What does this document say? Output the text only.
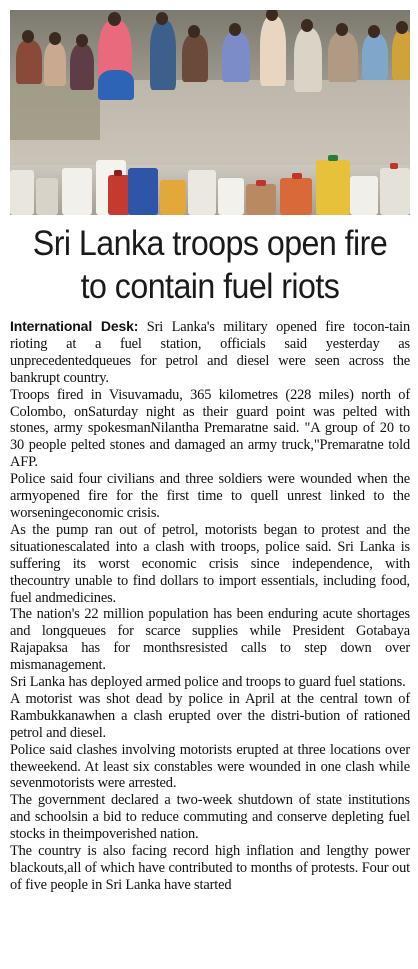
Sri Lanka troops open fire to contain fuel riots

International Desk: Sri Lanka's military opened fire tocon-tain rioting at a fuel station, officials said yesterday as unprecedentedqueues for petrol and diesel were seen across the bankrupt country.

Troops fired in Visuvamadu, 365 kilometres (228 miles) north of Colombo, onSaturday night as their guard point was pelted with stones, army spokesmanNilantha Premaratne said. "A group of 20 to 30 people pelted stones and damaged an army truck,"Premaratne told AFP.

Police said four civilians and three soldiers were wounded when the armyopened fire for the first time to quell unrest linked to the worseningeconomic crisis.

As the pump ran out of petrol, motorists began to protest and the situationescalated into a clash with troops, police said. Sri Lanka is suffering its worst economic crisis since independence, with thecountry unable to find dollars to import essentials, including food, fuel andmedicines.

The nation's 22 million population has been enduring acute shortages and longqueues for scarce supplies while President Gotabaya Rajapaksa has for monthsresisted calls to step down over mismanagement.

Sri Lanka has deployed armed police and troops to guard fuel stations.

A motorist was shot dead by police in April at the central town of Rambukkanawhen a clash erupted over the distri-bution of rationed petrol and diesel.

Police said clashes involving motorists erupted at three locations over theweekend. At least six constables were wounded in one clash while sevenmotorists were arrested.

The government declared a two-week shutdown of state institutions and schoolsin a bid to reduce commuting and conserve depleting fuel stocks in theimpoverished nation.

The country is also facing record high inflation and lengthy power blackouts,all of which have contributed to months of protests. Four out of five people in Sri Lanka have started
